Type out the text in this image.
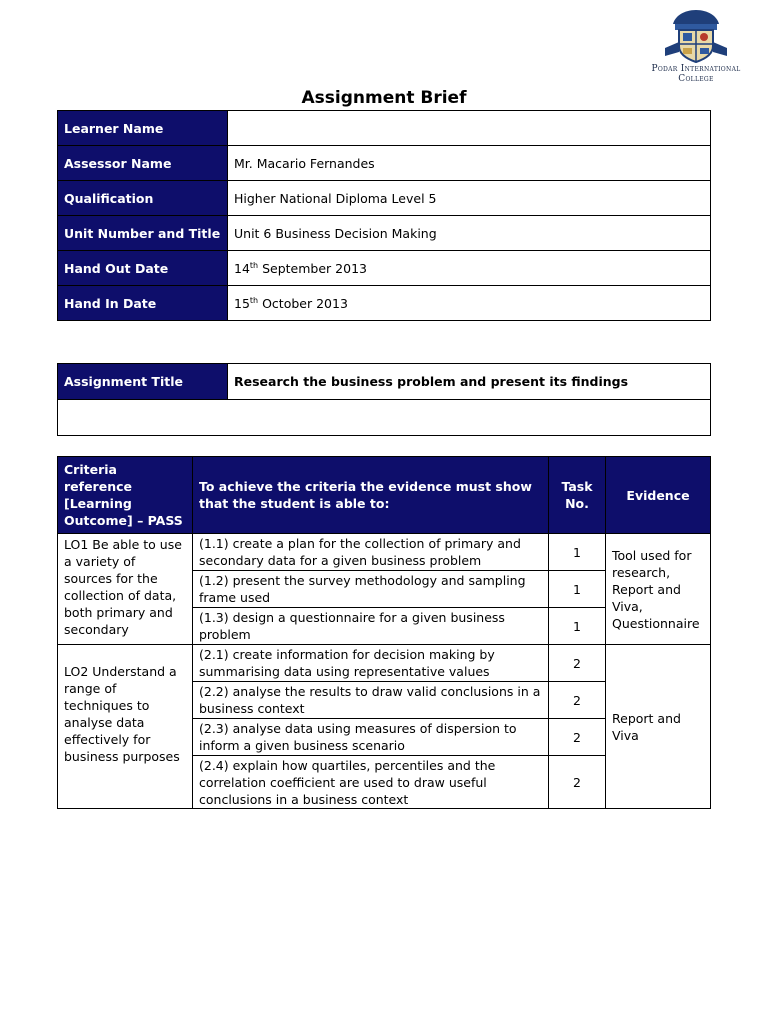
Podar International
College
Assignment Brief
Learner Name	
Assessor Name	Mr. Macario Fernandes
Qualification	Higher National Diploma Level 5
Unit Number and Title	Unit 6 Business Decision Making
Hand Out Date	14th September 2013
Hand In Date	15th October 2013
Assignment Title	Research the business problem and present its findings

Criteria reference [Learning Outcome] – PASS	To achieve the criteria the evidence must show that the student is able to:	Task No.	Evidence
LO1 Be able to use a variety of sources for the collection of data, both primary and secondary	(1.1) create a plan for the collection of primary and secondary data for a given business problem	1	Tool used for research, Report and Viva, Questionnaire
	(1.2) present the survey methodology and sampling frame used	1	
	(1.3) design a questionnaire for a given business problem	1	
LO2 Understand a range of techniques to analyse data effectively for business purposes	(2.1) create information for decision making by summarising data using representative values	2	Report and Viva
	(2.2) analyse the results to draw valid conclusions in a business context	2	
	(2.3) analyse data using measures of dispersion to inform a given business scenario	2	
	(2.4) explain how quartiles, percentiles and the correlation coefficient are used to draw useful conclusions in a business context	2	
